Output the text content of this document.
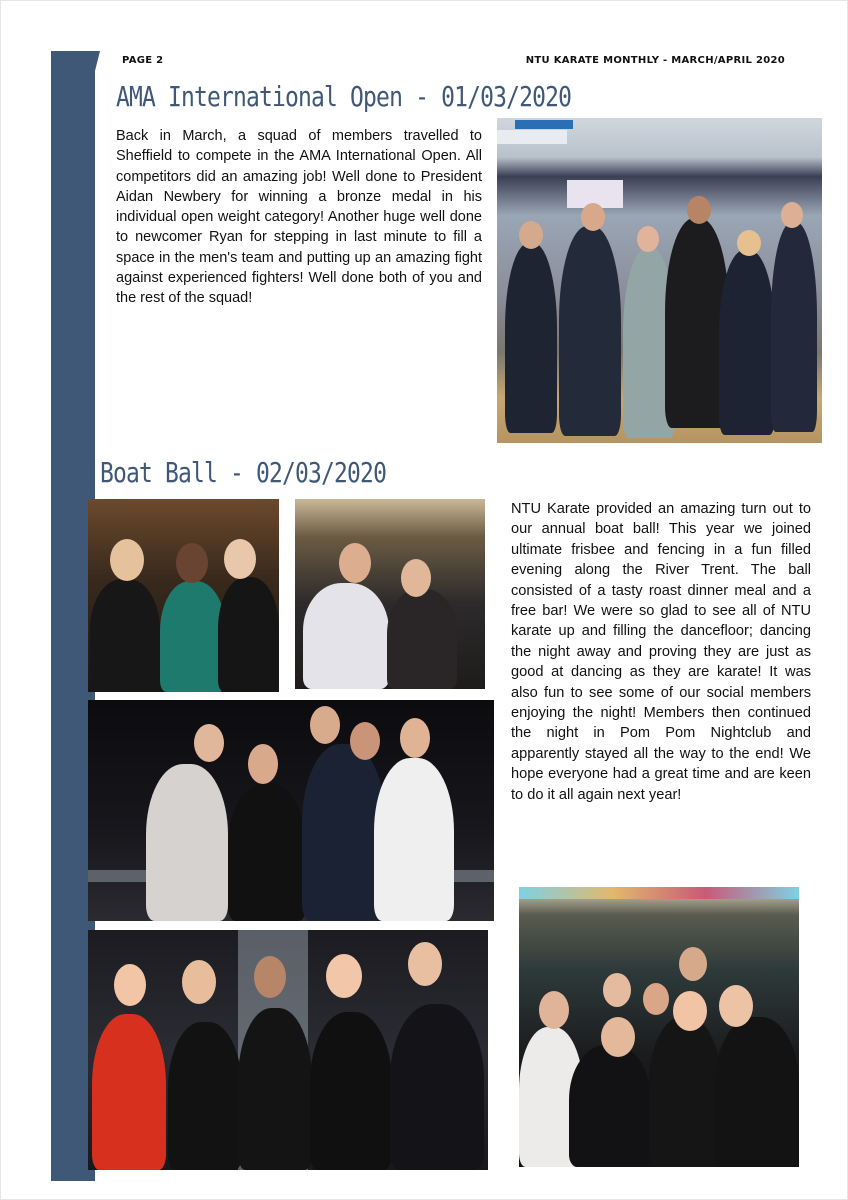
PAGE 2	NTU KARATE MONTHLY - MARCH/APRIL 2020
AMA International Open - 01/03/2020

Back in March, a squad of members travelled to Sheffield to compete in the AMA International Open. All competitors did an amazing job! Well done to President Aidan Newbery for winning a bronze medal in his individual open weight category! Another huge well done to newcomer Ryan for stepping in last minute to fill a space in the men's team and putting up an amazing fight against experienced fighters! Well done both of you and the rest of the squad!

Boat Ball - 02/03/2020

NTU Karate provided an amazing turn out to our annual boat ball! This year we joined ultimate frisbee and fencing in a fun filled evening along the River Trent. The ball consisted of a tasty roast dinner meal and a free bar! We were so glad to see all of NTU karate up and filling the dancefloor; dancing the night away and proving they are just as good at dancing as they are karate! It was also fun to see some of our social members enjoying the night! Members then continued the night in Pom Pom Nightclub and apparently stayed all the way to the end! We hope everyone had a great time and are keen to do it all again next year!
